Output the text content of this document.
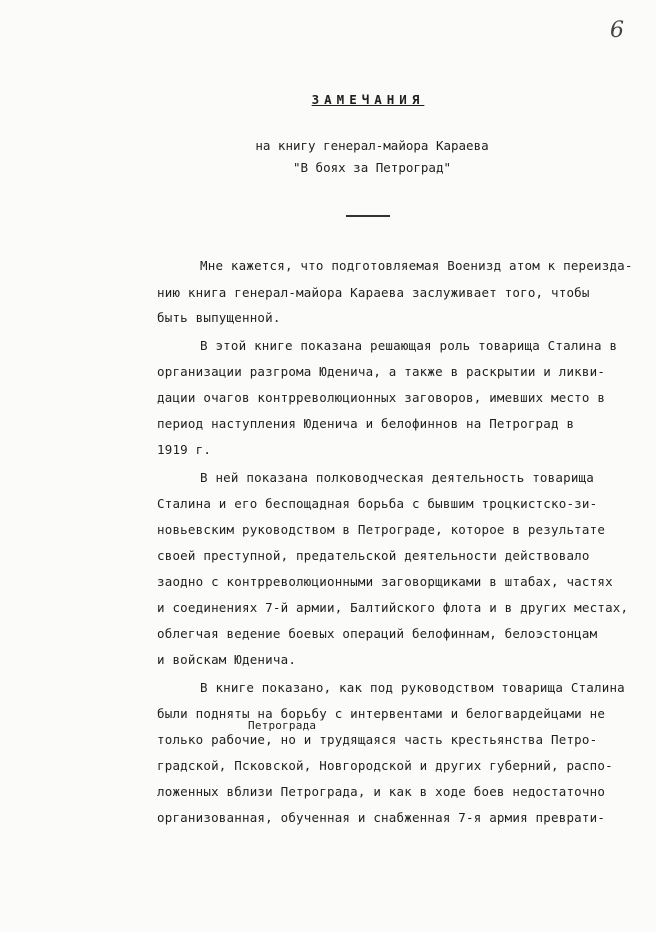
6
ЗАМЕЧАНИЯ
на книгу генерал-майора Караева
"В боях за Петроград"
Мне кажется, что подготовляемая Военизд атом к переизда-
нию книга генерал-майора Караева заслуживает того, чтобы
быть выпущенной.
В этой книге показана решающая роль товарища Сталина в
организации разгрома Юденича, а также в раскрытии и ликви-
дации очагов контрреволюционных заговоров, имевших место в
период наступления Юденича и белофиннов на Петроград в
1919 г.
В ней показана полководческая деятельность товарища
Сталина и его беспощадная борьба с бывшим троцкистско-зи-
новьевским руководством в Петрограде, которое в результате
своей преступной, предательской деятельности действовало
заодно с контрреволюционными заговорщиками в штабах, частях
и соединениях 7-й армии, Балтийского флота и в других местах,
облегчая ведение боевых операций белофиннам, белоэстонцам
и войскам Юденича.
В книге показано, как под руководством товарища Сталина
были подняты на борьбу с интервентами и белогвардейцами не
Петрограда
только рабочие, но и трудящаяся часть крестьянства Петро-
градской, Псковской, Новгородской и других губерний, распо-
ложенных вблизи Петрограда, и как в ходе боев недостаточно
организованная, обученная и снабженная 7-я армия преврати-
